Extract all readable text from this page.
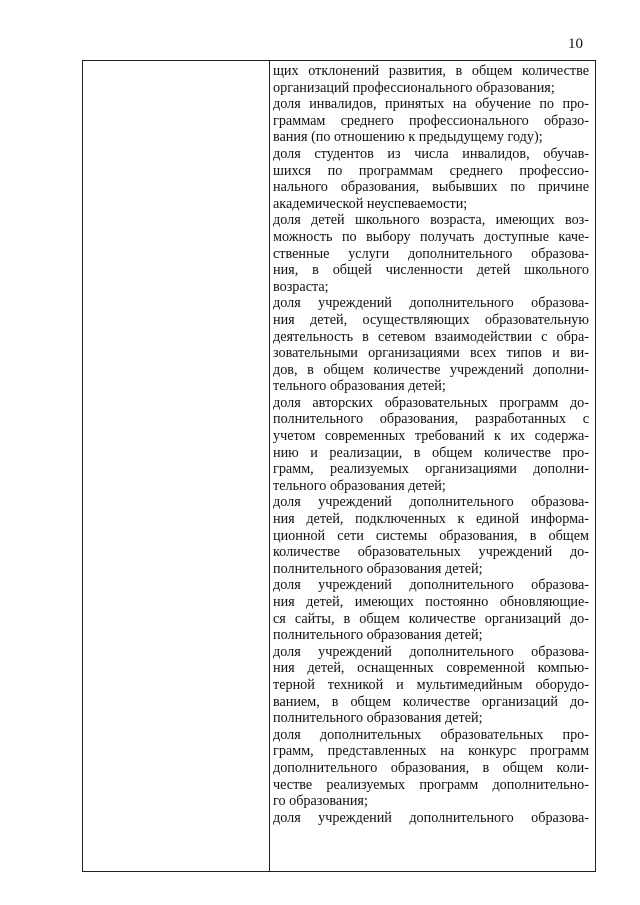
10
щих отклонений развития, в общем количестве
организаций профессионального образования;
доля инвалидов, принятых на обучение по про-
граммам среднего профессионального образо-
вания (по отношению к предыдущему году);
доля студентов из числа инвалидов, обучав-
шихся по программам среднего профессио-
нального образования, выбывших по причине
академической неуспеваемости;
доля детей школьного возраста, имеющих воз-
можность по выбору получать доступные каче-
ственные услуги дополнительного образова-
ния, в общей численности детей школьного
возраста;
доля учреждений дополнительного образова-
ния детей, осуществляющих образовательную
деятельность в сетевом взаимодействии с обра-
зовательными организациями всех типов и ви-
дов, в общем количестве учреждений дополни-
тельного образования детей;
доля авторских образовательных программ до-
полнительного образования, разработанных с
учетом современных требований к их содержа-
нию и реализации, в общем количестве про-
грамм, реализуемых организациями дополни-
тельного образования детей;
доля учреждений дополнительного образова-
ния детей, подключенных к единой информа-
ционной сети системы образования, в общем
количестве образовательных учреждений до-
полнительного образования детей;
доля учреждений дополнительного образова-
ния детей, имеющих постоянно обновляющие-
ся сайты, в общем количестве организаций до-
полнительного образования детей;
доля учреждений дополнительного образова-
ния детей, оснащенных современной компью-
терной техникой и мультимедийным оборудо-
ванием, в общем количестве организаций до-
полнительного образования детей;
доля дополнительных образовательных про-
грамм, представленных на конкурс программ
дополнительного образования, в общем коли-
честве реализуемых программ дополнительно-
го образования;
доля учреждений дополнительного образова-
